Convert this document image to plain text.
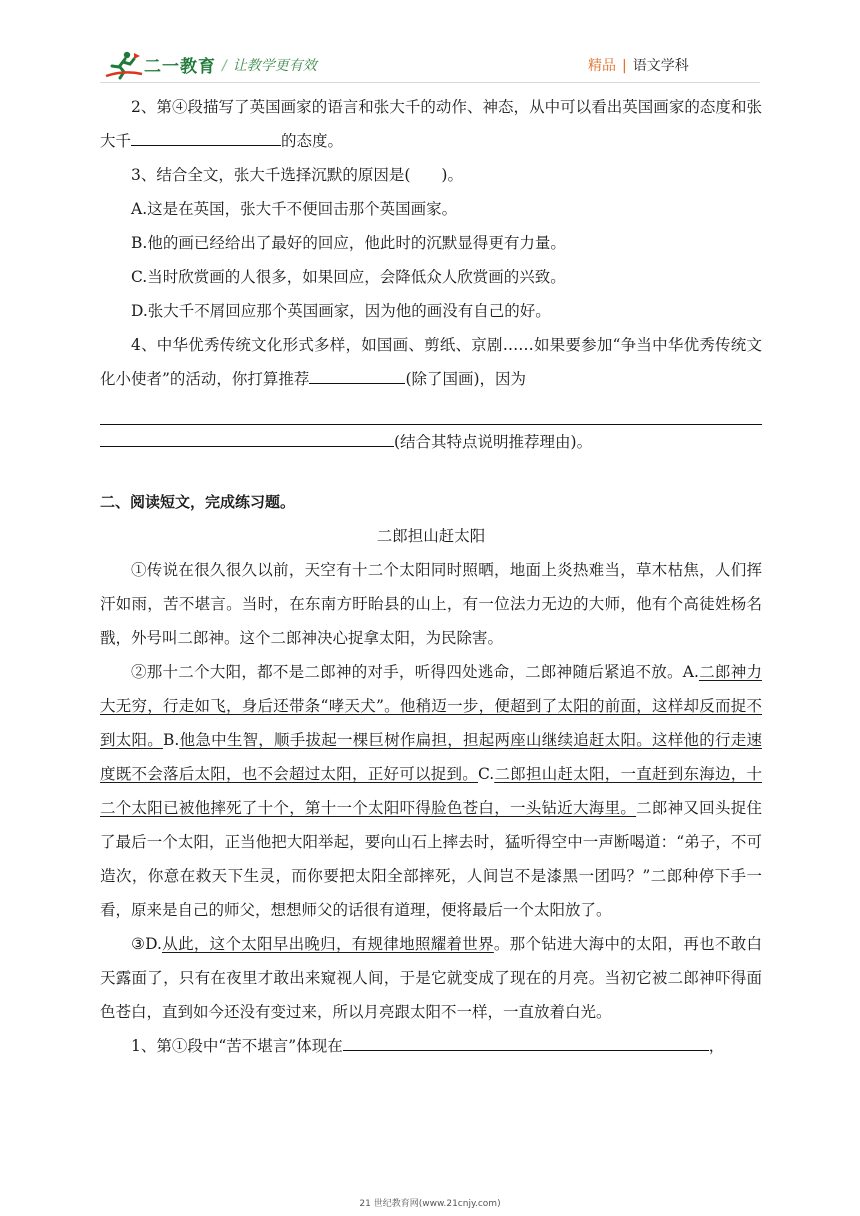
二一教育 / 让教学更有效	精品 | 语文学科

2、第④段描写了英国画家的语言和张大千的动作、神态，从中可以看出英国画家的态度和张大千	的态度。

3、结合全文，张大千选择沉默的原因是(　　)。

A.这是在英国，张大千不便回击那个英国画家。

B.他的画已经给出了最好的回应，他此时的沉默显得更有力量。

C.当时欣赏画的人很多，如果回应，会降低众人欣赏画的兴致。

D.张大千不屑回应那个英国画家，因为他的画没有自己的好。

4、中华优秀传统文化形式多样，如国画、剪纸、京剧……如果要参加“争当中华优秀传统文化小使者”的活动，你打算推荐	(除了国画)，因为

(结合其特点说明推荐理由)。

二、阅读短文，完成练习题。

二郎担山赶太阳

①传说在很久很久以前，天空有十二个太阳同时照晒，地面上炎热难当，草木枯焦，人们挥汗如雨，苦不堪言。当时，在东南方盱眙县的山上，有一位法力无边的大师，他有个高徒姓杨名戬，外号叫二郎神。这个二郎神决心捉拿太阳，为民除害。

②那十二个大阳，都不是二郎神的对手，听得四处逃命，二郎神随后紧追不放。A.二郎神力大无穷，行走如飞，身后还带条“哮天犬”。他稍迈一步，便超到了太阳的前面，这样却反而捉不到太阳。B.他急中生智，顺手拔起一棵巨树作扁担，担起两座山继续追赶太阳。这样他的行走速度既不会落后太阳，也不会超过太阳，正好可以捉到。C.二郎担山赶太阳，一直赶到东海边，十二个太阳已被他摔死了十个，第十一个太阳吓得脸色苍白，一头钻近大海里。二郎神又回头捉住了最后一个太阳，正当他把大阳举起，要向山石上摔去时，猛听得空中一声断喝道：“弟子，不可造次，你意在救天下生灵，而你要把太阳全部摔死，人间岂不是漆黑一团吗？”二郎种停下手一看，原来是自己的师父，想想师父的话很有道理，便将最后一个太阳放了。

③D.从此，这个太阳早出晚归，有规律地照耀着世界。那个钻进大海中的太阳，再也不敢白天露面了，只有在夜里才敢出来窥视人间，于是它就变成了现在的月亮。当初它被二郎神吓得面色苍白，直到如今还没有变过来，所以月亮跟太阳不一样，一直放着白光。

1、第①段中“苦不堪言”体现在	，

21 世纪教育网(www.21cnjy.com)
